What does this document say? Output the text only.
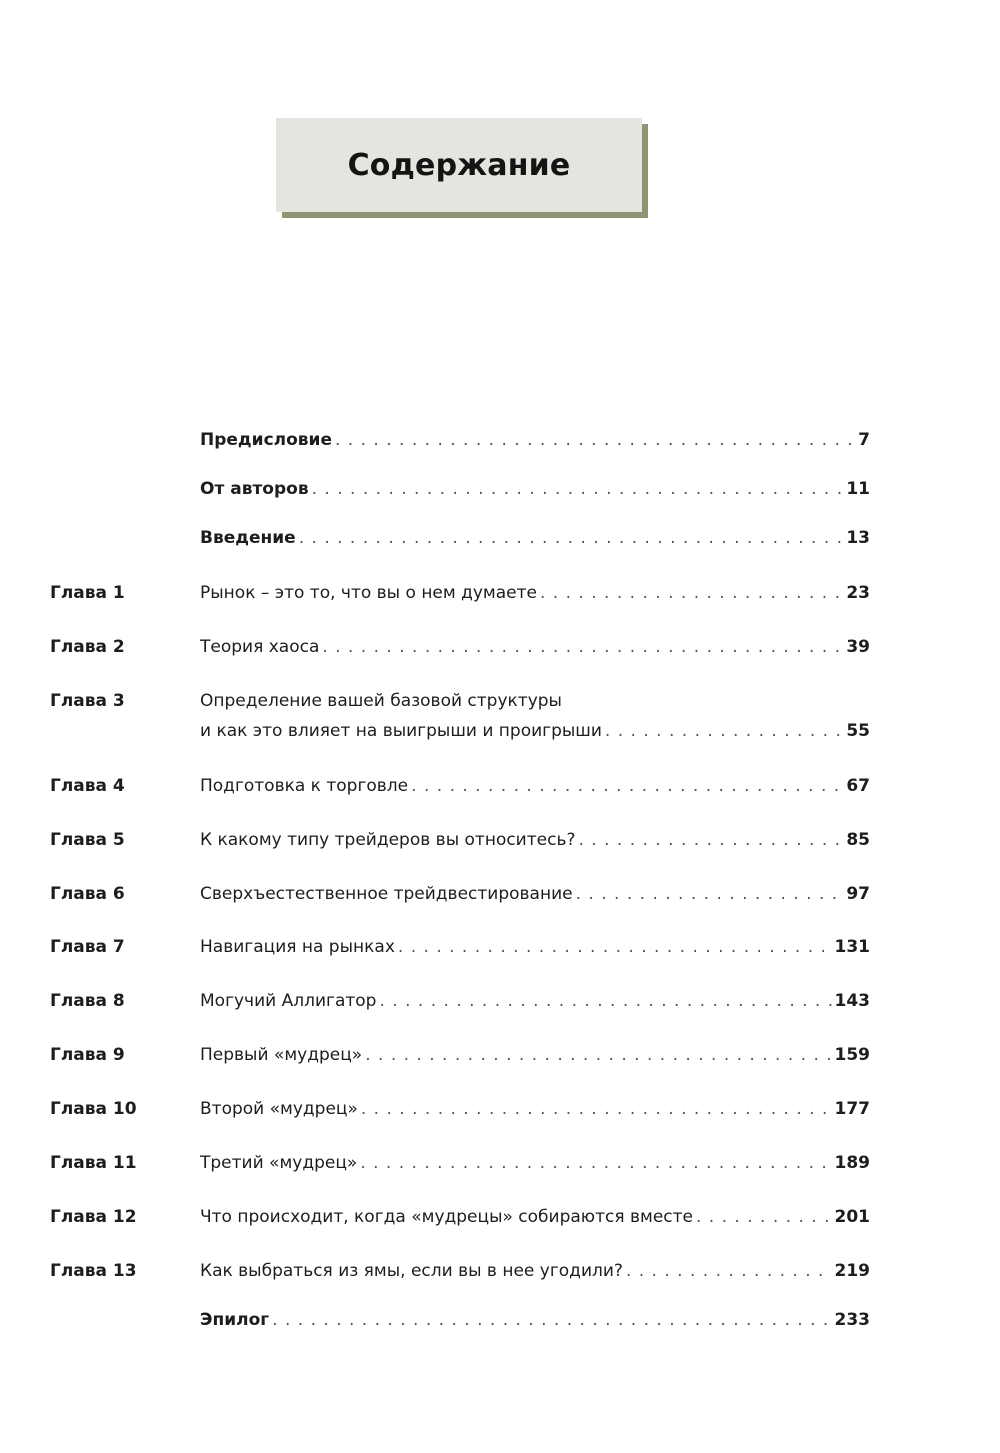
Содержание
Предисловие . . .	7
От авторов . . .	11
Введение . . .	13
Глава 1	Рынок – это то, что вы о нем думаете . . .	23
Глава 2	Теория хаоса . . .	39
Глава 3	Определение вашей базовой структуры
и как это влияет на выигрыши и проигрыши . . .	55
Глава 4	Подготовка к торговле . . .	67
Глава 5	К какому типу трейдеров вы относитесь? . . .	85
Глава 6	Сверхъестественное трейдвестирование . . .	97
Глава 7	Навигация на рынках . . .	131
Глава 8	Могучий Аллигатор . . .	143
Глава 9	Первый «мудрец» . . .	159
Глава 10	Второй «мудрец» . . .	177
Глава 11	Третий «мудрец» . . .	189
Глава 12	Что происходит, когда «мудрецы» собираются вместе . . .	201
Глава 13	Как выбраться из ямы, если вы в нее угодили? . . .	219
Эпилог . . .	233
